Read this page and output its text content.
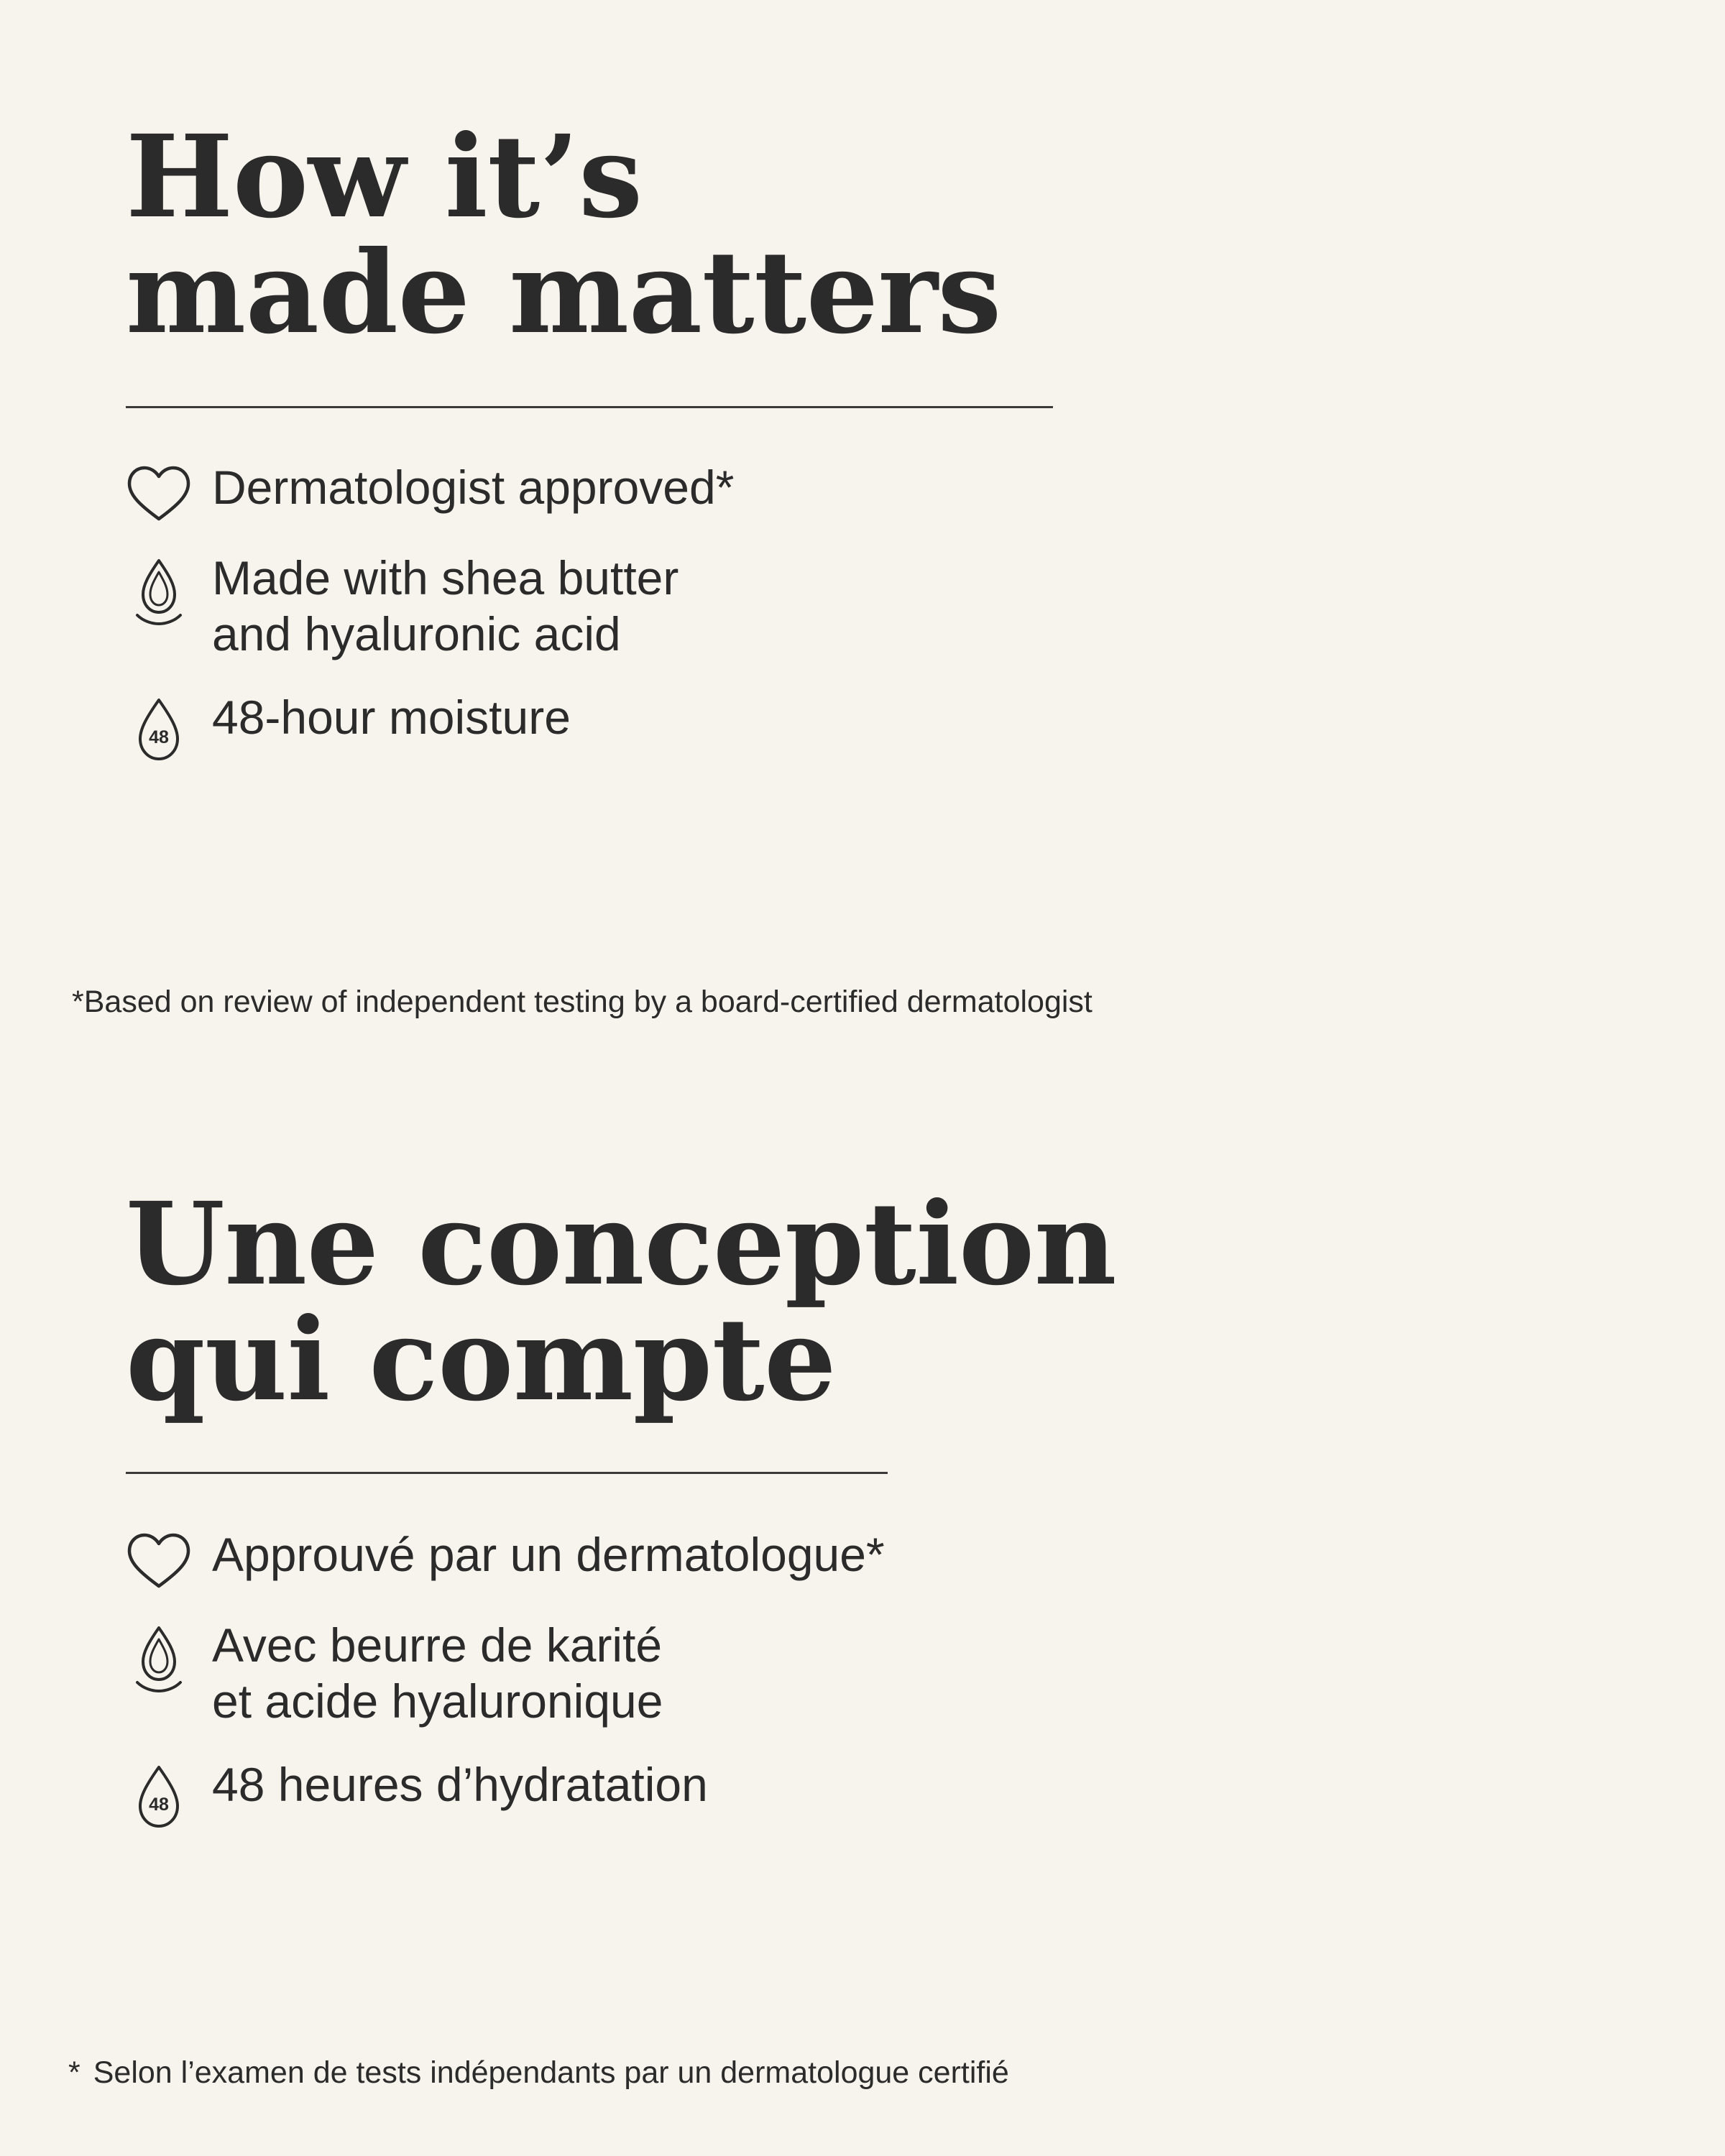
How it’s
made matters
Dermatologist approved*
Made with shea butter
and hyaluronic acid
48 48-hour moisture
*Based on review of independent testing by a board-certified dermatologist
Une conception
qui compte
Approuvé par un dermatologue*
Avec beurre de karité
et acide hyaluronique
48 48 heures d’hydratation
* Selon l’examen de tests indépendants par un dermatologue certifié
